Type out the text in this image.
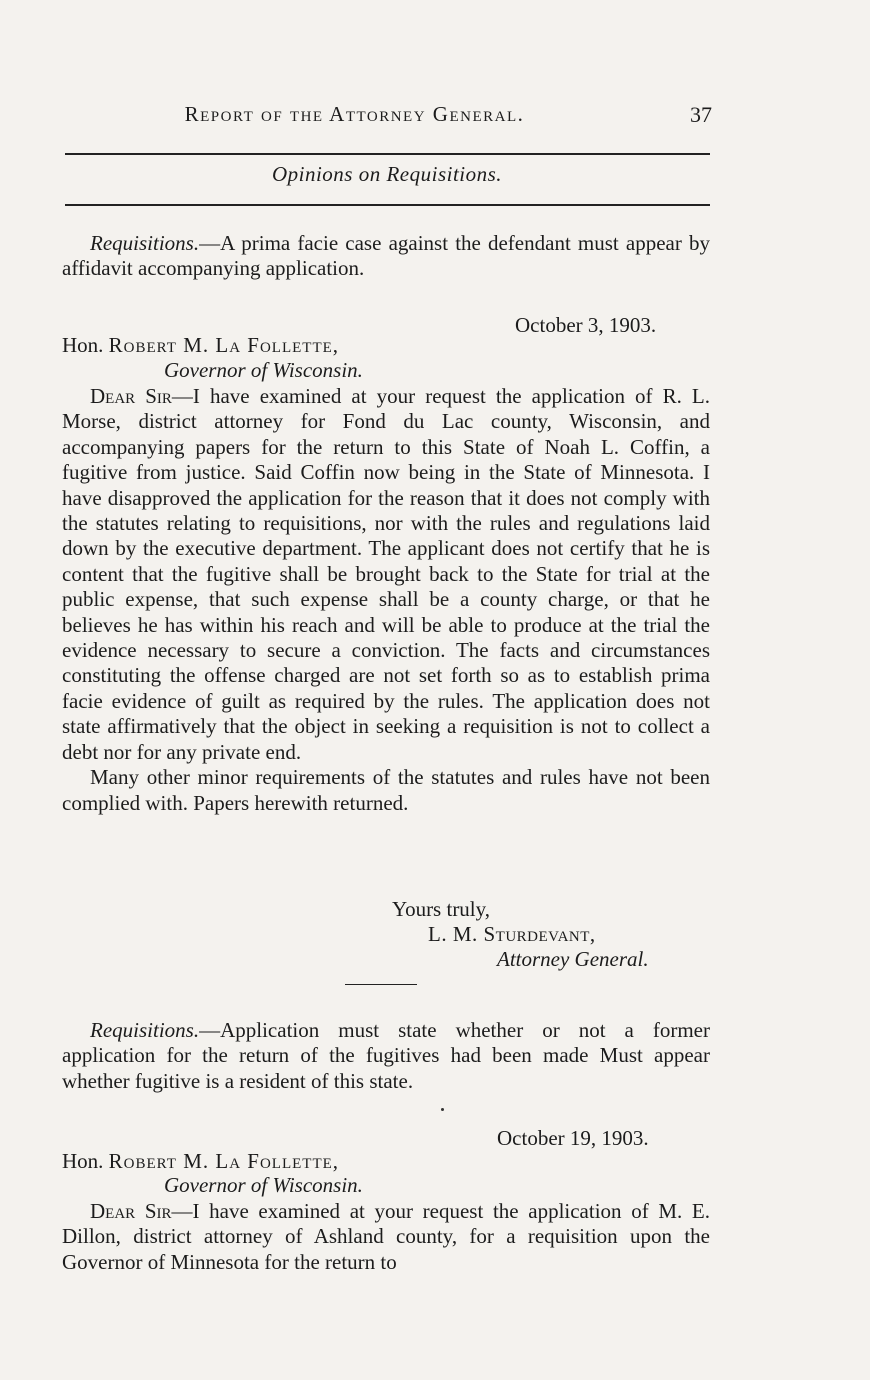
Report of the Attorney General.	37
Opinions on Requisitions.

Requisitions.—A prima facie case against the defendant must appear by affidavit accompanying application.

October 3, 1903.
Hon. Robert M. La Follette,
Governor of Wisconsin.

Dear Sir—I have examined at your request the application of R. L. Morse, district attorney for Fond du Lac county, Wisconsin, and accompanying papers for the return to this State of Noah L. Coffin, a fugitive from justice. Said Coffin now being in the State of Minnesota. I have disapproved the application for the reason that it does not comply with the statutes relating to requisitions, nor with the rules and regulations laid down by the executive department. The applicant does not certify that he is content that the fugitive shall be brought back to the State for trial at the public expense, that such expense shall be a county charge, or that he believes he has within his reach and will be able to produce at the trial the evidence necessary to secure a conviction. The facts and circumstances constituting the offense charged are not set forth so as to establish prima facie evidence of guilt as required by the rules. The application does not state affirmatively that the object in seeking a requisition is not to collect a debt nor for any private end.

Many other minor requirements of the statutes and rules have not been complied with. Papers herewith returned.

Yours truly,
L. M. Sturdevant,
Attorney General.

Requisitions.—Application must state whether or not a former application for the return of the fugitives had been made Must appear whether fugitive is a resident of this state.

October 19, 1903.
Hon. Robert M. La Follette,
Governor of Wisconsin.

Dear Sir—I have examined at your request the application of M. E. Dillon, district attorney of Ashland county, for a requisition upon the Governor of Minnesota for the return to
